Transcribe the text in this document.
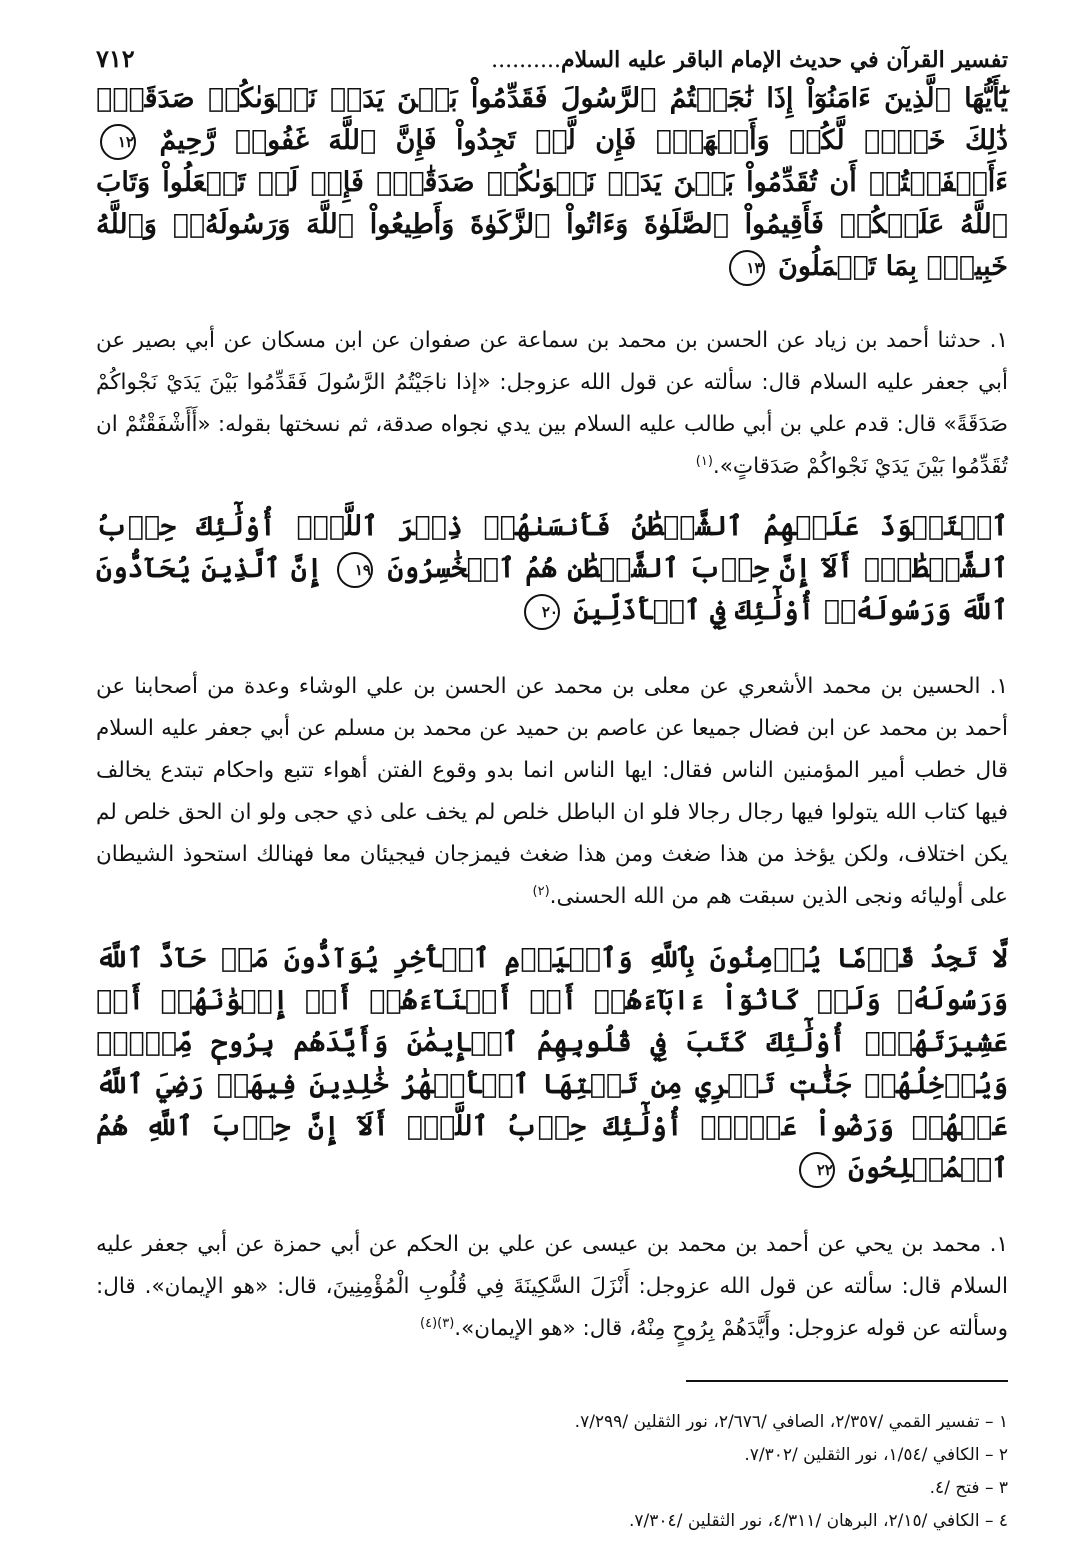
تفسير القرآن في حديث الإمام الباقر عليه السلام..........
٧١٢

يَٰٓأَيُّهَا ٱلَّذِينَ ءَامَنُوٓاْ إِذَا نَٰجَيۡتُمُ ٱلرَّسُولَ فَقَدِّمُواْ بَيۡنَ يَدَيۡ نَجۡوَىٰكُمۡ صَدَقَةٗۚ ذَٰلِكَ خَيۡرٞ لَّكُمۡ وَأَطۡهَرُۚ فَإِن لَّمۡ تَجِدُواْ فَإِنَّ ٱللَّهَ غَفُورٞ رَّحِيمٌ ١٢ ءَأَشۡفَقۡتُمۡ أَن تُقَدِّمُواْ بَيۡنَ يَدَيۡ نَجۡوَىٰكُمۡ صَدَقَٰتٖۚ فَإِذۡ لَمۡ تَفۡعَلُواْ وَتَابَ ٱللَّهُ عَلَيۡكُمۡ فَأَقِيمُواْ ٱلصَّلَوٰةَ وَءَاتُواْ ٱلزَّكَوٰةَ وَأَطِيعُواْ ٱللَّهَ وَرَسُولَهُۥۚ وَٱللَّهُ خَبِيرُۢ بِمَا تَعۡمَلُونَ ١٣

١. حدثنا أحمد بن زياد عن الحسن بن محمد بن سماعة عن صفوان عن ابن مسكان عن أبي بصير عن أبي جعفر عليه السلام قال: سألته عن قول الله عزوجل: «إذا ناجَيْتُمُ الرَّسُولَ فَقَدِّمُوا بَيْنَ يَدَيْ نَجْواكُمْ صَدَقَةً» قال: قدم علي بن أبي طالب عليه السلام بين يدي نجواه صدقة، ثم نسختها بقوله: «أَأَشْفَقْتُمْ ان تُقَدِّمُوا بَيْنَ يَدَيْ نَجْواكُمْ صَدَقاتٍ».$^{(١)}$

ٱسۡتَحۡوَذَ عَلَيۡهِمُ ٱلشَّيۡطَٰنُ فَأَنسَىٰهُمۡ ذِكۡرَ ٱللَّهِۚ أُوْلَٰٓئِكَ حِزۡبُ ٱلشَّيۡطَٰنِۚ أَلَآ إِنَّ حِزۡبَ ٱلشَّيۡطَٰنِ هُمُ ٱلۡخَٰسِرُونَ ١٩ إِنَّ ٱلَّذِينَ يُحَآدُّونَ ٱللَّهَ وَرَسُولَهُۥٓ أُوْلَٰٓئِكَ فِي ٱلۡأَذَلِّينَ ٢٠

١. الحسين بن محمد الأشعري عن معلى بن محمد عن الحسن بن علي الوشاء وعدة من أصحابنا عن أحمد بن محمد عن ابن فضال جميعا عن عاصم بن حميد عن محمد بن مسلم عن أبي جعفر عليه السلام قال خطب أمير المؤمنين الناس فقال: ايها الناس انما بدو وقوع الفتن أهواء تتبع واحكام تبتدع يخالف فيها كتاب الله يتولوا فيها رجال رجالا فلو ان الباطل خلص لم يخف على ذي حجى ولو ان الحق خلص لم يكن اختلاف، ولكن يؤخذ من هذا ضغث ومن هذا ضغث فيمزجان فيجيئان معا فهنالك استحوذ الشيطان على أوليائه ونجى الذين سبقت هم من الله الحسنى.$^{(٢)}$

لَّا تَجِدُ قَوۡمٗا يُؤۡمِنُونَ بِٱللَّهِ وَٱلۡيَوۡمِ ٱلۡأٓخِرِ يُوَآدُّونَ مَنۡ حَآدَّ ٱللَّهَ وَرَسُولَهُۥ وَلَوۡ كَانُوٓاْ ءَابَآءَهُمۡ أَوۡ أَبۡنَآءَهُمۡ أَوۡ إِخۡوَٰنَهُمۡ أَوۡ عَشِيرَتَهُمۡۚ أُوْلَٰٓئِكَ كَتَبَ فِي قُلُوبِهِمُ ٱلۡإِيمَٰنَ وَأَيَّدَهُم بِرُوحٖ مِّنۡهُۖ وَيُدۡخِلُهُمۡ جَنَّٰتٖ تَجۡرِي مِن تَحۡتِهَا ٱلۡأَنۡهَٰرُ خَٰلِدِينَ فِيهَاۚ رَضِيَ ٱللَّهُ عَنۡهُمۡ وَرَضُواْ عَنۡهُۚ أُوْلَٰٓئِكَ حِزۡبُ ٱللَّهِۚ أَلَآ إِنَّ حِزۡبَ ٱللَّهِ هُمُ ٱلۡمُفۡلِحُونَ ٢٢

١. محمد بن يحي عن أحمد بن محمد بن عيسى عن علي بن الحكم عن أبي حمزة عن أبي جعفر عليه السلام قال: سألته عن قول الله عزوجل: أَنْزَلَ السَّكِينَةَ فِي قُلُوبِ الْمُؤْمِنِينَ، قال: «هو الإيمان». قال: وسألته عن قوله عزوجل: وأَيَّدَهُمْ بِرُوحٍ مِنْهُ، قال: «هو الإيمان».$^{(٣)(٤)}$

١ – تفسير القمي /٢/٣٥٧، الصافي /٢/٦٧٦، نور الثقلين /٧/٢٩٩.
٢ – الكافي /١/٥٤، نور الثقلين /٧/٣٠٢.
٣ – فتح /٤.
٤ – الكافي /٢/١٥، البرهان /٤/٣١١، نور الثقلين /٧/٣٠٤.
